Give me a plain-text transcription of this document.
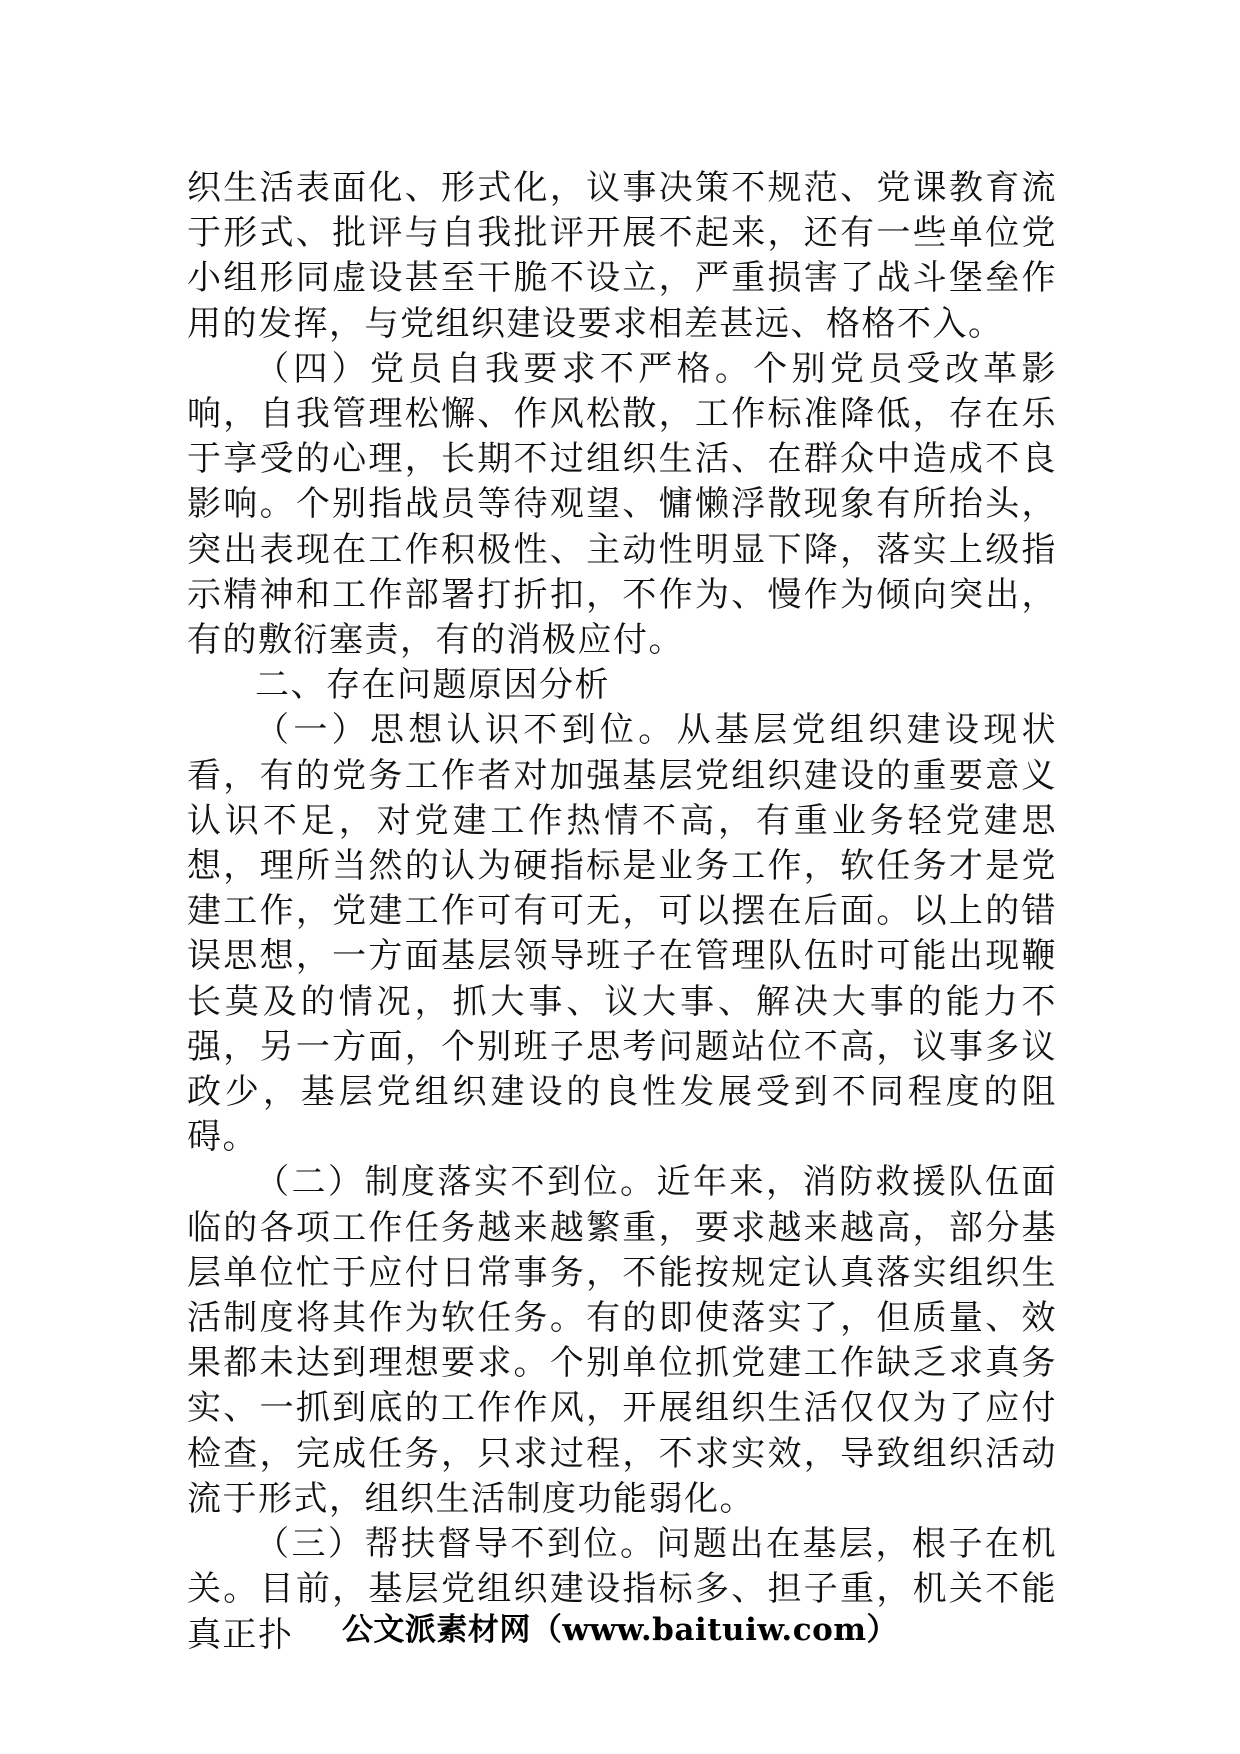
织生活表面化、形式化，议事决策不规范、党课教育流于形式、批评与自我批评开展不起来，还有一些单位党小组形同虚设甚至干脆不设立，严重损害了战斗堡垒作用的发挥，与党组织建设要求相差甚远、格格不入。

（四）党员自我要求不严格。个别党员受改革影响，自我管理松懈、作风松散，工作标准降低，存在乐于享受的心理，长期不过组织生活、在群众中造成不良影响。个别指战员等待观望、慵懒浮散现象有所抬头，突出表现在工作积极性、主动性明显下降，落实上级指示精神和工作部署打折扣，不作为、慢作为倾向突出，有的敷衍塞责，有的消极应付。

二、存在问题原因分析

（一）思想认识不到位。从基层党组织建设现状看，有的党务工作者对加强基层党组织建设的重要意义认识不足，对党建工作热情不高，有重业务轻党建思想，理所当然的认为硬指标是业务工作，软任务才是党建工作，党建工作可有可无，可以摆在后面。以上的错误思想，一方面基层领导班子在管理队伍时可能出现鞭长莫及的情况，抓大事、议大事、解决大事的能力不强，另一方面，个别班子思考问题站位不高，议事多议政少，基层党组织建设的良性发展受到不同程度的阻碍。

（二）制度落实不到位。近年来，消防救援队伍面临的各项工作任务越来越繁重，要求越来越高，部分基层单位忙于应付日常事务，不能按规定认真落实组织生活制度将其作为软任务。有的即使落实了，但质量、效果都未达到理想要求。个别单位抓党建工作缺乏求真务实、一抓到底的工作作风，开展组织生活仅仅为了应付检查，完成任务，只求过程，不求实效，导致组织活动流于形式，组织生活制度功能弱化。

（三）帮扶督导不到位。问题出在基层，根子在机关。目前，基层党组织建设指标多、担子重，机关不能真正扑	公文派素材网（www.baituiw.com）
